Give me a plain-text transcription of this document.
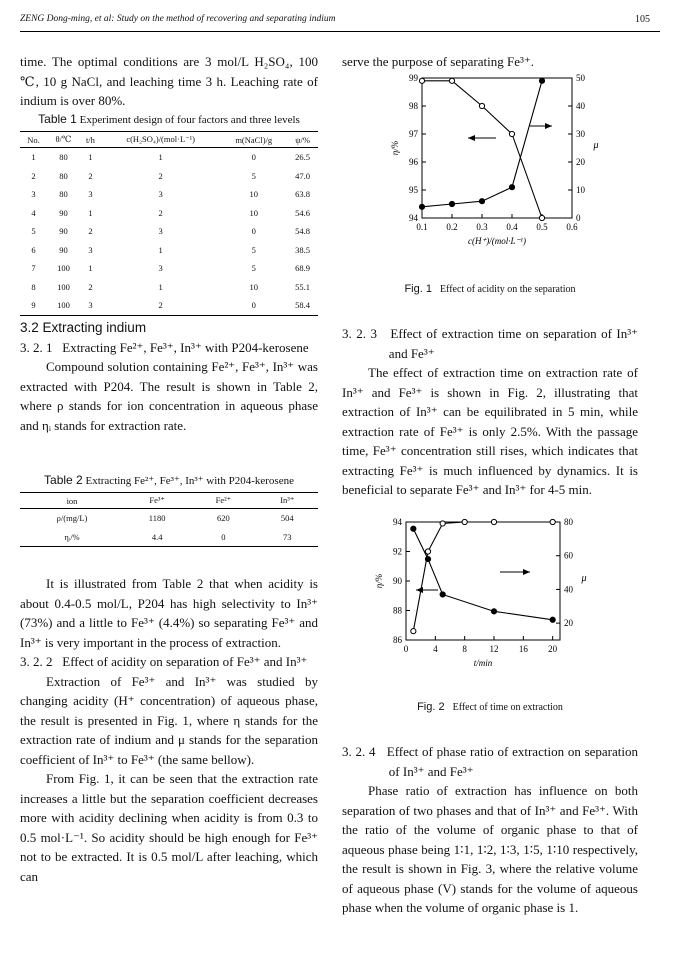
ZENG Dong-ming, et al: Study on the method of recovering and separating indium	105

time. The optimal conditions are 3 mol/L H₂SO₄, 100 ℃, 10 g NaCl, and leaching time 3 h. Leaching rate of indium is over 80%.

Table 1 Experiment design of four factors and three levels
No.	θ/℃	t/h	c(H₂SO₄)/(mol·L⁻¹)	m(NaCl)/g	ψ/%
1	80	1	1	0	26.5
2	80	2	2	5	47.0
3	80	3	3	10	63.8
4	90	1	2	10	54.6
5	90	2	3	0	54.8
6	90	3	1	5	38.5
7	100	1	3	5	68.9
8	100	2	1	10	55.1
9	100	3	2	0	58.4

3.2 Extracting indium

3. 2. 1 Extracting Fe²⁺, Fe³⁺, In³⁺ with P204-kerosene

Compound solution containing Fe²⁺, Fe³⁺, In³⁺ was extracted with P204. The result is shown in Table 2, where ρ stands for ion concentration in aqueous phase and ηᵢ stands for extraction rate.

Table 2 Extracting Fe²⁺, Fe³⁺, In³⁺ with P204-kerosene
ion	Fe³⁺	Fe²⁺	In³⁺
ρ/(mg/L)	1180	620	504
ηᵢ/%	4.4	0	73

It is illustrated from Table 2 that when acidity is about 0.4-0.5 mol/L, P204 has high selectivity to In³⁺ (73%) and a little to Fe³⁺ (4.4%) so separating Fe³⁺ and In³⁺ is very important in the process of extraction.

3. 2. 2 Effect of acidity on separation of Fe³⁺ and In³⁺

Extraction of Fe³⁺ and In³⁺ was studied by changing acidity (H⁺ concentration) of aqueous phase, the result is presented in Fig. 1, where η stands for the extraction rate of indium and μ stands for the separation coefficient of In³⁺ to Fe³⁺ (the same bellow).

From Fig. 1, it can be seen that the extraction rate increases a little but the separation coefficient decreases more with acidity declining when acidity is from 0.3 to 0.5 mol·L⁻¹. So acidity should be high enough for Fe³⁺ not to be extracted. It is 0.5 mol/L after leaching, which can

serve the purpose of separating Fe³⁺.

0.1 0.2 0.3 0.4 0.5 0.6
94
95
96
97
98
99
0
10
20
30
40
50
η/%	μ
c(H⁺)/(mol·L⁻¹)
Fig. 1 Effect of acidity on the separation

3. 2. 3 Effect of extraction time on separation of In³⁺ and Fe³⁺

The effect of extraction time on extraction rate of In³⁺ and Fe³⁺ is shown in Fig. 2, illustrating that extraction of In³⁺ can be equilibrated in 5 min, while extraction rate of Fe³⁺ is only 2.5%. With the passage time, Fe³⁺ concentration still rises, which indicates that extracting Fe³⁺ is much influenced by dynamics. It is beneficial to separate Fe³⁺ and In³⁺ for 4-5 min.

0	4	8	12 16 20
86
88
90
92
94
20
40
60
80
η/%	μ
t/min
Fig. 2 Effect of time on extraction

3. 2. 4 Effect of phase ratio of extraction on separation of In³⁺ and Fe³⁺

Phase ratio of extraction has influence on both separation of two phases and that of In³⁺ and Fe³⁺. With the ratio of the volume of organic phase to that of aqueous phase being 1∶1, 1∶2, 1∶3, 1∶5, 1∶10 respectively, the result is shown in Fig. 3, where the relative volume of aqueous phase (V) stands for the volume of aqueous phase when the volume of organic phase is 1.
